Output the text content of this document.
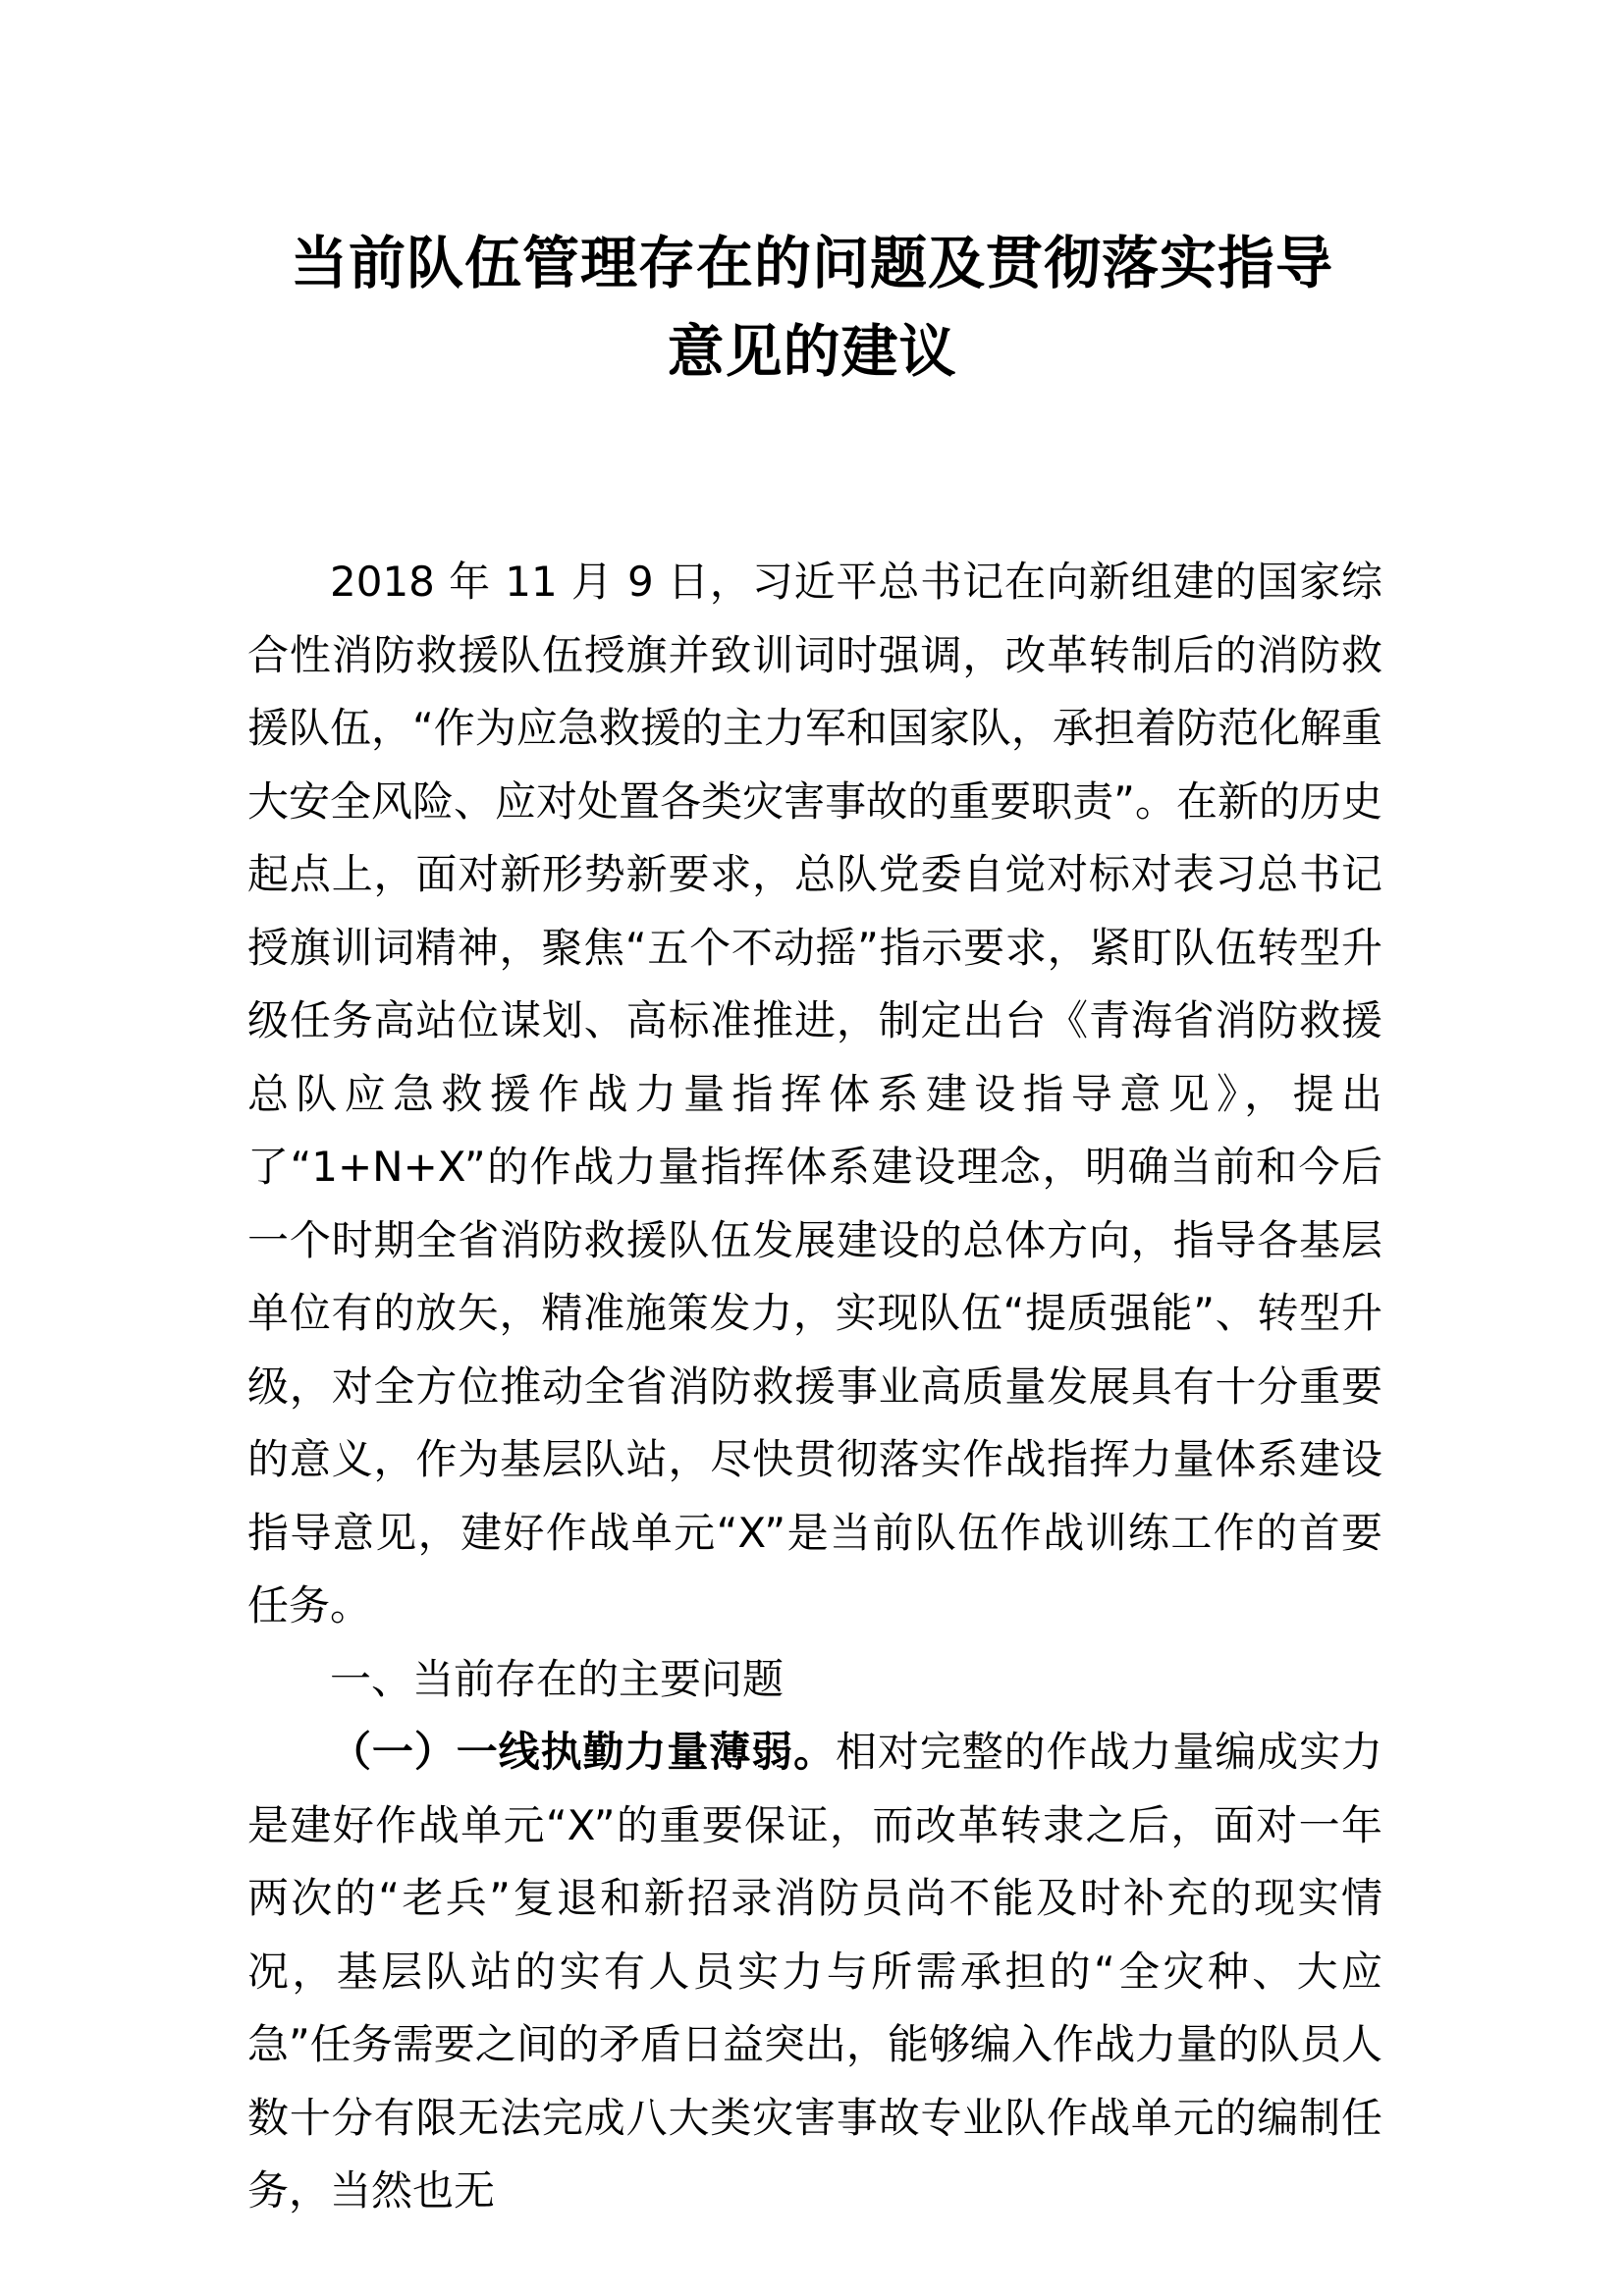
当前队伍管理存在的问题及贯彻落实指导
意见的建议

2018 年 11 月 9 日，习近平总书记在向新组建的国家综合性消防救援队伍授旗并致训词时强调，改革转制后的消防救援队伍，“作为应急救援的主力军和国家队，承担着防范化解重大安全风险、应对处置各类灾害事故的重要职责”。在新的历史起点上，面对新形势新要求，总队党委自觉对标对表习总书记授旗训词精神，聚焦“五个不动摇”指示要求，紧盯队伍转型升级任务高站位谋划、高标准推进，制定出台《青海省消防救援总队应急救援作战力量指挥体系建设指导意见》，提出了“1+N+X”的作战力量指挥体系建设理念，明确当前和今后一个时期全省消防救援队伍发展建设的总体方向，指导各基层单位有的放矢，精准施策发力，实现队伍“提质强能”、转型升级，对全方位推动全省消防救援事业高质量发展具有十分重要的意义，作为基层队站，尽快贯彻落实作战指挥力量体系建设指导意见，建好作战单元“X”是当前队伍作战训练工作的首要任务。

一、当前存在的主要问题

（一）一线执勤力量薄弱。相对完整的作战力量编成实力是建好作战单元“X”的重要保证，而改革转隶之后，面对一年两次的“老兵”复退和新招录消防员尚不能及时补充的现实情况，基层队站的实有人员实力与所需承担的“全灾种、大应急”任务需要之间的矛盾日益突出，能够编入作战力量的队员人数十分有限无法完成八大类灾害事故专业队作战单元的编制任务，当然也无
